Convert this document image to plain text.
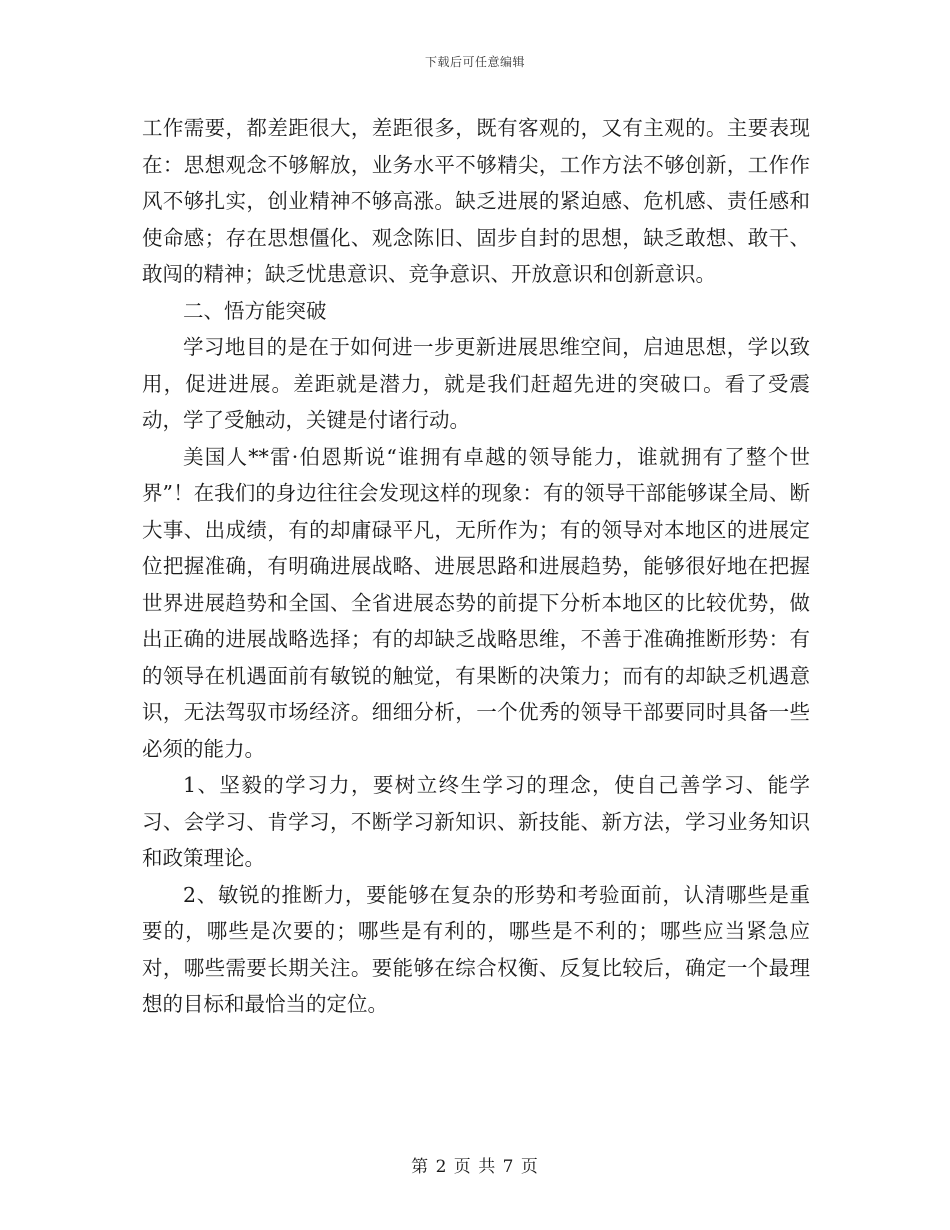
下载后可任意编辑

工作需要，都差距很大，差距很多，既有客观的，又有主观的。主要表现在：思想观念不够解放，业务水平不够精尖，工作方法不够创新，工作作风不够扎实，创业精神不够高涨。缺乏进展的紧迫感、危机感、责任感和使命感；存在思想僵化、观念陈旧、固步自封的思想，缺乏敢想、敢干、敢闯的精神；缺乏忧患意识、竞争意识、开放意识和创新意识。

二、悟方能突破

学习地目的是在于如何进一步更新进展思维空间，启迪思想，学以致用，促进进展。差距就是潜力，就是我们赶超先进的突破口。看了受震动，学了受触动，关键是付诸行动。

美国人**雷·伯恩斯说“谁拥有卓越的领导能力，谁就拥有了整个世界”！在我们的身边往往会发现这样的现象：有的领导干部能够谋全局、断大事、出成绩，有的却庸碌平凡，无所作为；有的领导对本地区的进展定位把握准确，有明确进展战略、进展思路和进展趋势，能够很好地在把握世界进展趋势和全国、全省进展态势的前提下分析本地区的比较优势，做出正确的进展战略选择；有的却缺乏战略思维，不善于准确推断形势：有的领导在机遇面前有敏锐的触觉，有果断的决策力；而有的却缺乏机遇意识，无法驾驭市场经济。细细分析，一个优秀的领导干部要同时具备一些必须的能力。

1、坚毅的学习力，要树立终生学习的理念，使自己善学习、能学习、会学习、肯学习，不断学习新知识、新技能、新方法，学习业务知识和政策理论。

2、敏锐的推断力，要能够在复杂的形势和考验面前，认清哪些是重要的，哪些是次要的；哪些是有利的，哪些是不利的；哪些应当紧急应对，哪些需要长期关注。要能够在综合权衡、反复比较后，确定一个最理想的目标和最恰当的定位。

第 2 页 共 7 页
